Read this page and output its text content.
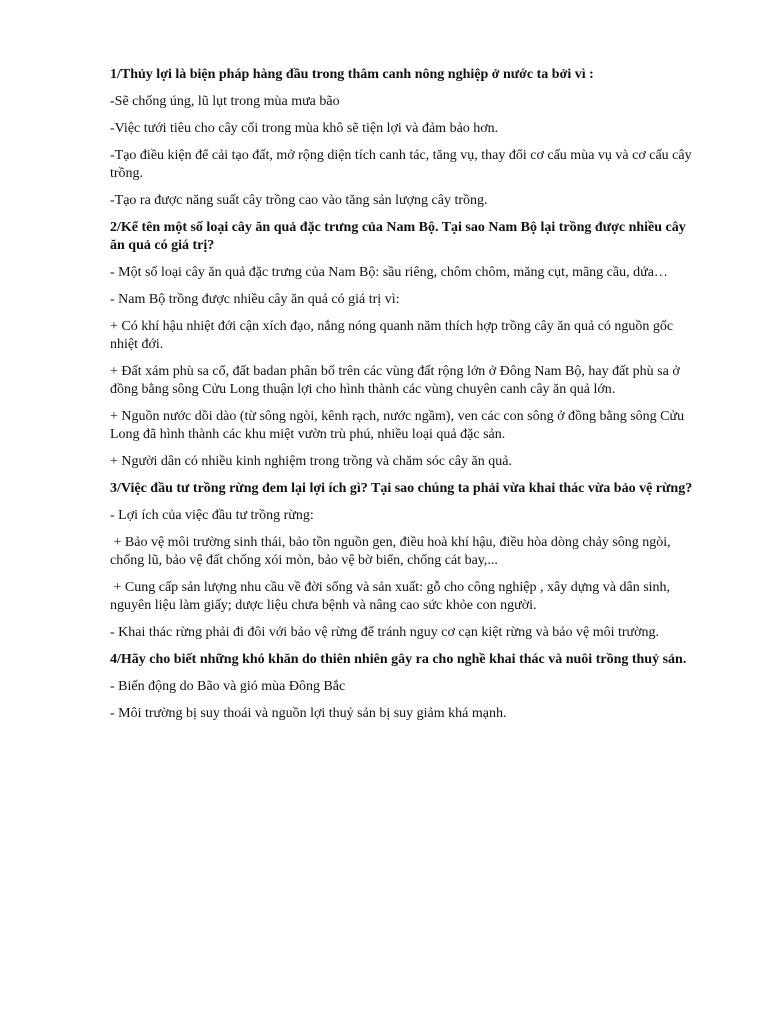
1/Thủy lợi là biện pháp hàng đầu trong thâm canh nông nghiệp ở nước ta bởi vì :

-Sẽ chống úng, lũ lụt trong mùa mưa bão

-Việc tưới tiêu cho cây cối trong mùa khô sẽ tiện lợi và đảm bảo hơn.

-Tạo điều kiện để cải tạo đất, mở rộng diện tích canh tác, tăng vụ, thay đổi cơ cấu mùa vụ và cơ cấu cây trồng.

-Tạo ra được năng suất cây trồng cao vào tăng sản lượng cây trồng.

2/Kể tên một số loại cây ăn quả đặc trưng của Nam Bộ. Tại sao Nam Bộ lại trồng được nhiều cây ăn quả có giá trị?

- Một số loại cây ăn quả đặc trưng của Nam Bộ: sầu riêng, chôm chôm, măng cụt, mãng cầu, dứa…

- Nam Bộ trồng được nhiều cây ăn quả có giá trị vì:

+ Có khí hậu nhiệt đới cận xích đạo, nắng nóng quanh năm thích hợp trồng cây ăn quả có nguồn gốc nhiệt đới.

+ Đất xám phù sa cổ, đất badan phân bố trên các vùng đất rộng lớn ở Đông Nam Bộ, hay đất phù sa ở đồng bằng sông Cửu Long thuận lợi cho hình thành các vùng chuyên canh cây ăn quả lớn.

+ Nguồn nước dồi dào (từ sông ngòi, kênh rạch, nước ngầm), ven các con sông ở đồng bằng sông Cửu Long đã hình thành các khu miệt vườn trù phú, nhiều loại quả đặc sản.

+ Người dân có nhiều kinh nghiệm trong trồng và chăm sóc cây ăn quả.

3/Việc đầu tư trồng rừng đem lại lợi ích gì? Tại sao chúng ta phải vừa khai thác vừa bảo vệ rừng?

- Lợi ích của việc đầu tư trồng rừng:

+ Bảo vệ môi trường sinh thái, bảo tồn nguồn gen, điều hoà khí hậu, điều hòa dòng chảy sông ngòi, chống lũ, bảo vệ đất chống xói mòn, bảo vệ bờ biển, chống cát bay,...

+ Cung cấp sản lượng nhu cầu về đời sống và sản xuất: gỗ cho công nghiệp , xây dựng và dân sinh, nguyên liệu làm giấy; dược liệu chưa bệnh và nâng cao sức khỏe con người.

- Khai thác rừng phải đi đôi với bảo vệ rừng để tránh nguy cơ cạn kiệt rừng và bảo vệ môi trường.

4/Hãy cho biết những khó khăn do thiên nhiên gây ra cho nghề khai thác và nuôi trồng thuỷ sản.

- Biến động do Bão và gió mùa Đông Bắc

- Môi trường bị suy thoái và nguồn lợi thuỷ sản bị suy giảm khá mạnh.
